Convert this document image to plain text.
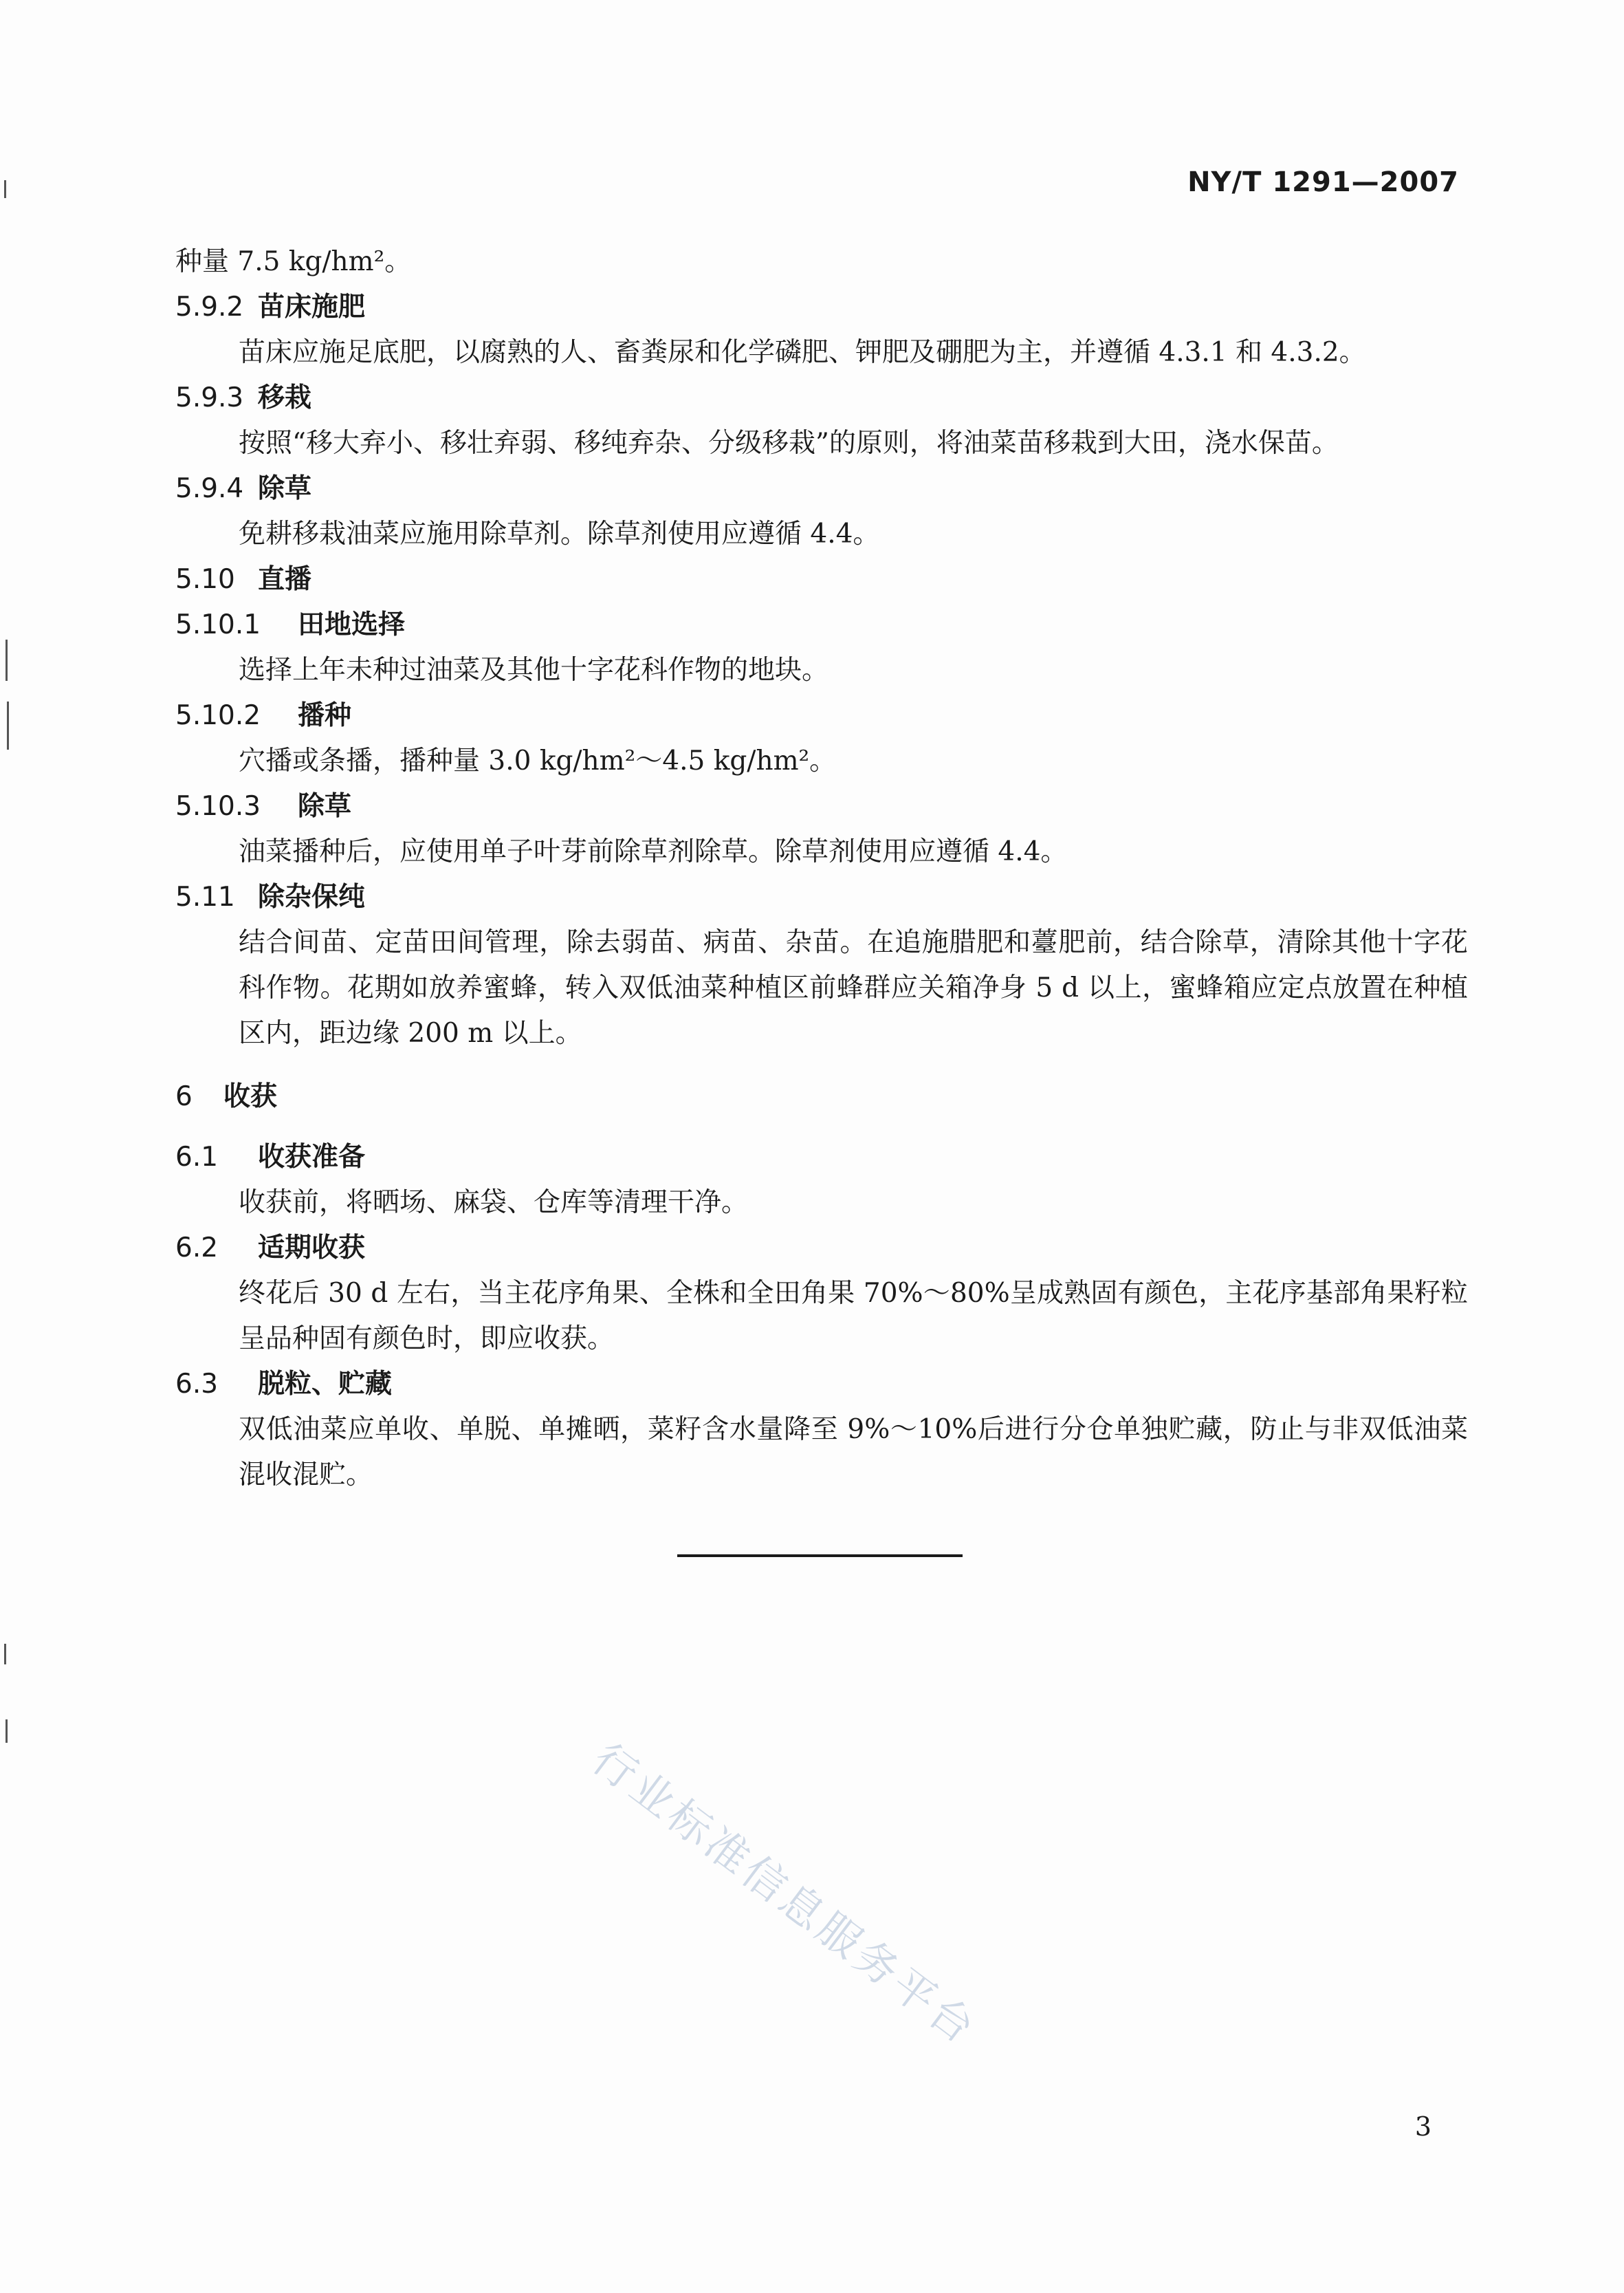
NY/T 1291—2007
种量 7.5 kg/hm²。
5.9.2 苗床施肥
苗床应施足底肥，以腐熟的人、畜粪尿和化学磷肥、钾肥及硼肥为主，并遵循 4.3.1 和 4.3.2。
5.9.3 移栽
按照“移大弃小、移壮弃弱、移纯弃杂、分级移栽”的原则，将油菜苗移栽到大田，浇水保苗。
5.9.4 除草
免耕移栽油菜应施用除草剂。除草剂使用应遵循 4.4。
5.10 直播
5.10.1 田地选择
选择上年未种过油菜及其他十字花科作物的地块。
5.10.2 播种
穴播或条播，播种量 3.0 kg/hm²～4.5 kg/hm²。
5.10.3 除草
油菜播种后，应使用单子叶芽前除草剂除草。除草剂使用应遵循 4.4。
5.11 除杂保纯
结合间苗、定苗田间管理，除去弱苗、病苗、杂苗。在追施腊肥和薹肥前，结合除草，清除其他十字花科作物。花期如放养蜜蜂，转入双低油菜种植区前蜂群应关箱净身 5 d 以上，蜜蜂箱应定点放置在种植区内，距边缘 200 m 以上。
6 收获
6.1 收获准备
收获前，将晒场、麻袋、仓库等清理干净。
6.2 适期收获
终花后 30 d 左右，当主花序角果、全株和全田角果 70%～80%呈成熟固有颜色，主花序基部角果籽粒呈品种固有颜色时，即应收获。
6.3 脱粒、贮藏
双低油菜应单收、单脱、单摊晒，菜籽含水量降至 9%～10%后进行分仓单独贮藏，防止与非双低油菜混收混贮。
行业标准信息服务平台
3
